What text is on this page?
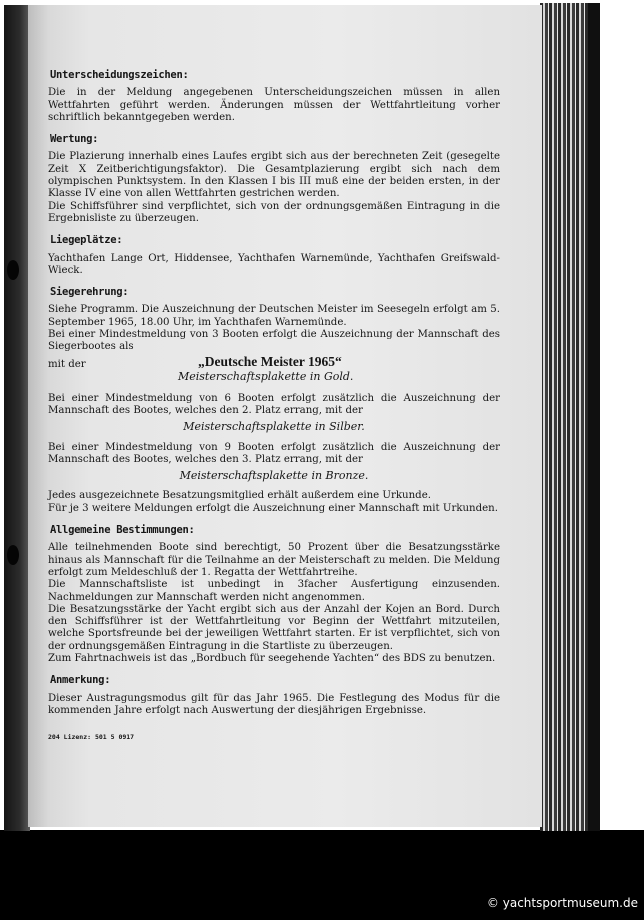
Unterscheidungszeichen:

Die in der Meldung angegebenen Unterscheidungszeichen müssen in allen Wettfahrten geführt werden. Änderungen müssen der Wettfahrtleitung vorher schriftlich bekanntgegeben werden.

Wertung:

Die Plazierung innerhalb eines Laufes ergibt sich aus der berechneten Zeit (gesegelte Zeit X Zeitberichtigungsfaktor). Die Gesamtplazierung ergibt sich nach dem olympischen Punktsystem. In den Klassen I bis III muß eine der beiden ersten, in der Klasse IV eine von allen Wettfahrten gestrichen werden.

Die Schiffsführer sind verpflichtet, sich von der ordnungsgemäßen Eintragung in die Ergebnisliste zu überzeugen.

Liegeplätze:

Yachthafen Lange Ort, Hiddensee, Yachthafen Warnemünde, Yachthafen Greifswald-Wieck.

Siegerehrung:

Siehe Programm. Die Auszeichnung der Deutschen Meister im Seesegeln erfolgt am 5. September 1965, 18.00 Uhr, im Yachthafen Warnemünde.

Bei einer Mindestmeldung von 3 Booten erfolgt die Auszeichnung der Mannschaft des Siegerbootes als

mit der	„Deutsche Meister 1965“
Meisterschaftsplakette in Gold.

Bei einer Mindestmeldung von 6 Booten erfolgt zusätzlich die Auszeichnung der Mannschaft des Bootes, welches den 2. Platz errang, mit der

Meisterschaftsplakette in Silber.

Bei einer Mindestmeldung von 9 Booten erfolgt zusätzlich die Auszeichnung der Mannschaft des Bootes, welches den 3. Platz errang, mit der

Meisterschaftsplakette in Bronze.

Jedes ausgezeichnete Besatzungsmitglied erhält außerdem eine Urkunde.

Für je 3 weitere Meldungen erfolgt die Auszeichnung einer Mannschaft mit Urkunden.

Allgemeine Bestimmungen:

Alle teilnehmenden Boote sind berechtigt, 50 Prozent über die Besatzungsstärke hinaus als Mannschaft für die Teilnahme an der Meisterschaft zu melden. Die Meldung erfolgt zum Meldeschluß der 1. Regatta der Wettfahrtreihe.

Die Mannschaftsliste ist unbedingt in 3facher Ausfertigung einzusenden. Nachmeldungen zur Mannschaft werden nicht angenommen.

Die Besatzungsstärke der Yacht ergibt sich aus der Anzahl der Kojen an Bord. Durch den Schiffsführer ist der Wettfahrtleitung vor Beginn der Wettfahrt mitzuteilen, welche Sportsfreunde bei der jeweiligen Wettfahrt starten. Er ist verpflichtet, sich von der ordnungsgemäßen Eintragung in die Startliste zu überzeugen.

Zum Fahrtnachweis ist das „Bordbuch für seegehende Yachten“ des BDS zu benutzen.

Anmerkung:

Dieser Austragungsmodus gilt für das Jahr 1965. Die Festlegung des Modus für die kommenden Jahre erfolgt nach Auswertung der diesjährigen Ergebnisse.

204 Lizenz: 501 5 0917
© yachtsportmuseum.de
